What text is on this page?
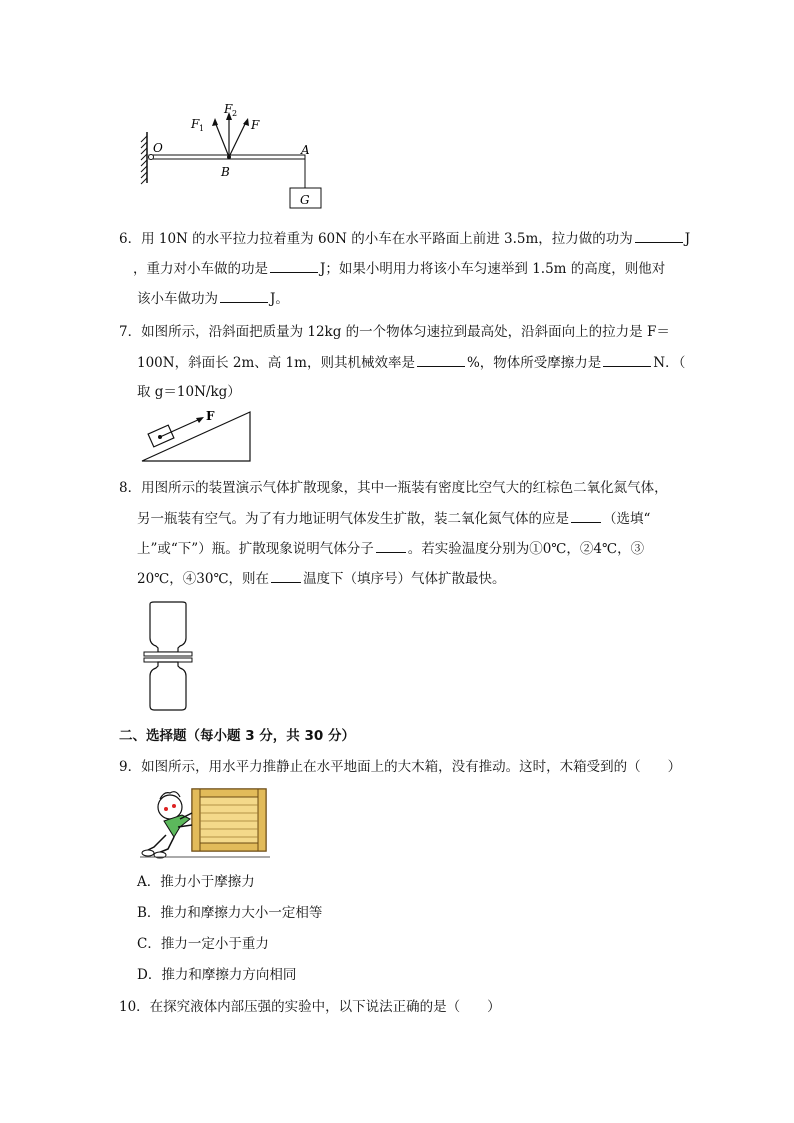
O	A
B
G
F 1
F 2
F
6．用 10N 的水平拉力拉着重为 60N 的小车在水平路面上前进 3.5m，拉力做的功为	J
，重力对小车做的功是	J；如果小明用力将该小车匀速举到 1.5m 的高度，则他对
该小车做功为	J。
7．如图所示，沿斜面把质量为 12kg 的一个物体匀速拉到最高处，沿斜面向上的拉力是 F＝
100N，斜面长 2m、高 1m，则其机械效率是	%，物体所受摩擦力是	N．（
取 g＝10N/kg）
F
8．用图所示的装置演示气体扩散现象，其中一瓶装有密度比空气大的红棕色二氧化氮气体，
另一瓶装有空气。为了有力地证明气体发生扩散，装二氧化氮气体的应是	（选填“
上”或“下”）瓶。扩散现象说明气体分子	。若实验温度分别为①0℃，②4℃，③
20℃，④30℃，则在	温度下（填序号）气体扩散最快。
二、选择题（每小题 3 分，共 30 分）
9．如图所示，用水平力推静止在水平地面上的大木箱，没有推动。这时，木箱受到的（　　）
A．推力小于摩擦力
B．推力和摩擦力大小一定相等
C．推力一定小于重力
D．推力和摩擦力方向相同
10．在探究液体内部压强的实验中，以下说法正确的是（　　）
